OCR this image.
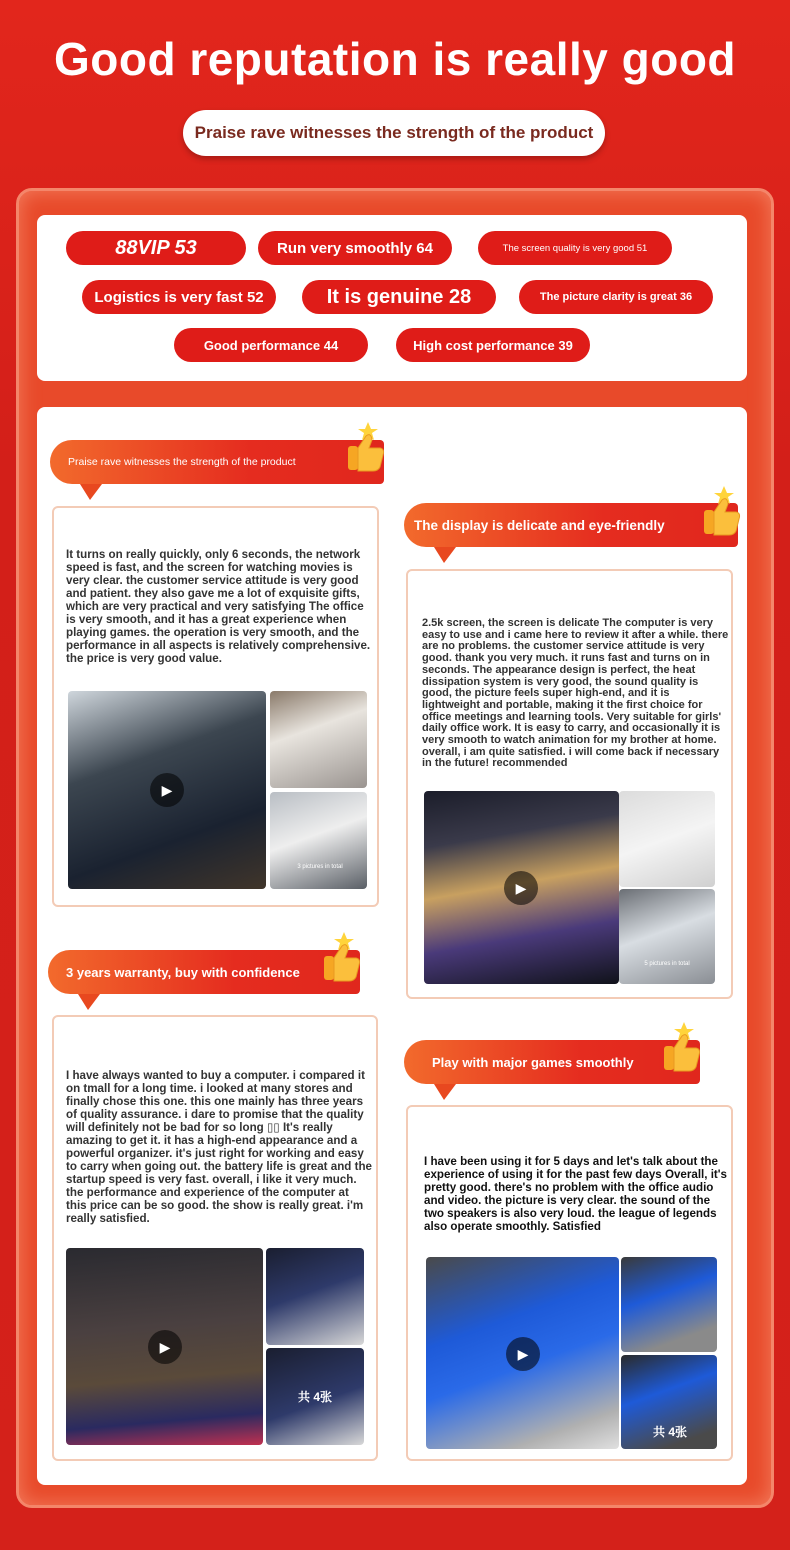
Good reputation is really good
Praise rave witnesses the strength of the product
88VIP 53	Run very smoothly 64	The screen quality is very good 51
Logistics is very fast 52	It is genuine 28	The picture clarity is great 36
Good performance 44	High cost performance 39
Praise rave witnesses the strength of the product

It turns on really quickly, only 6 seconds, the network speed is fast, and the screen for watching movies is very clear. the customer service attitude is very good and patient. they also gave me a lot of exquisite gifts, which are very practical and very satisfying The office is very smooth, and it has a great experience when playing games. the operation is very smooth, and the performance in all aspects is relatively comprehensive. the price is very good value.

▶
3 pictures in total
The display is delicate and eye-friendly

2.5k screen, the screen is delicate The computer is very easy to use and i came here to review it after a while. there are no problems. the customer service attitude is very good. thank you very much. it runs fast and turns on in seconds. The appearance design is perfect, the heat dissipation system is very good, the sound quality is good, the picture feels super high-end, and it is lightweight and portable, making it the first choice for office meetings and learning tools. Very suitable for girls' daily office work. It is easy to carry, and occasionally it is very smooth to watch animation for my brother at home. overall, i am quite satisfied. i will come back if necessary in the future! recommended

▶
5 pictures in total
3 years warranty, buy with confidence

I have always wanted to buy a computer. i compared it on tmall for a long time. i looked at many stores and finally chose this one. this one mainly has three years of quality assurance. i dare to promise that the quality will definitely not be bad for so long ▯▯ It's really amazing to get it. it has a high-end appearance and a powerful organizer. it's just right for working and easy to carry when going out. the battery life is great and the startup speed is very fast. overall, i like it very much. the performance and experience of the computer at this price can be so good. the show is really great. i'm really satisfied.

▶
共 4张
Play with major games smoothly

I have been using it for 5 days and let's talk about the experience of using it for the past few days Overall, it's pretty good. there's no problem with the office audio and video. the picture is very clear. the sound of the two speakers is also very loud. the league of legends also operate smoothly. Satisfied

▶
共 4张
